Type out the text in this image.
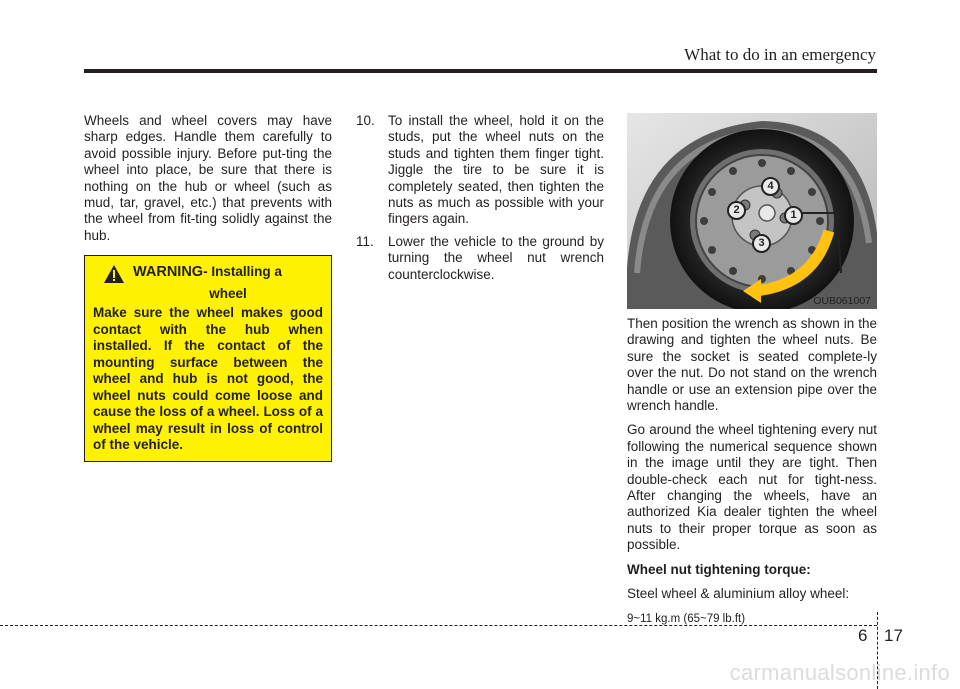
What to do in an emergency

Wheels and wheel covers may have sharp edges. Handle them carefully to avoid possible injury. Before put-ting the wheel into place, be sure that there is nothing on the hub or wheel (such as mud, tar, gravel, etc.) that prevents with the wheel from fit-ting solidly against the hub.

WARNING - Installing a
wheel
Make sure the wheel makes good contact with the hub when installed. If the contact of the mounting surface between the wheel and hub is not good, the wheel nuts could come loose and cause the loss of a wheel. Loss of a wheel may result in loss of control of the vehicle.
10. To install the wheel, hold it on the studs, put the wheel nuts on the studs and tighten them finger tight. Jiggle the tire to be sure it is completely seated, then tighten the nuts as much as possible with your fingers again.
11. Lower the vehicle to the ground by turning the wheel nut wrench counterclockwise.
1
2
3
4
OUB061007

Then position the wrench as shown in the drawing and tighten the wheel nuts. Be sure the socket is seated complete-ly over the nut. Do not stand on the wrench handle or use an extension pipe over the wrench handle.

Go around the wheel tightening every nut following the numerical sequence shown in the image until they are tight. Then double-check each nut for tight-ness. After changing the wheels, have an authorized Kia dealer tighten the wheel nuts to their proper torque as soon as possible.

Wheel nut tightening torque:

Steel wheel & aluminium alloy wheel:

9~11 kg.m (65~79 lb.ft)

6 17
carmanualsonline.info
